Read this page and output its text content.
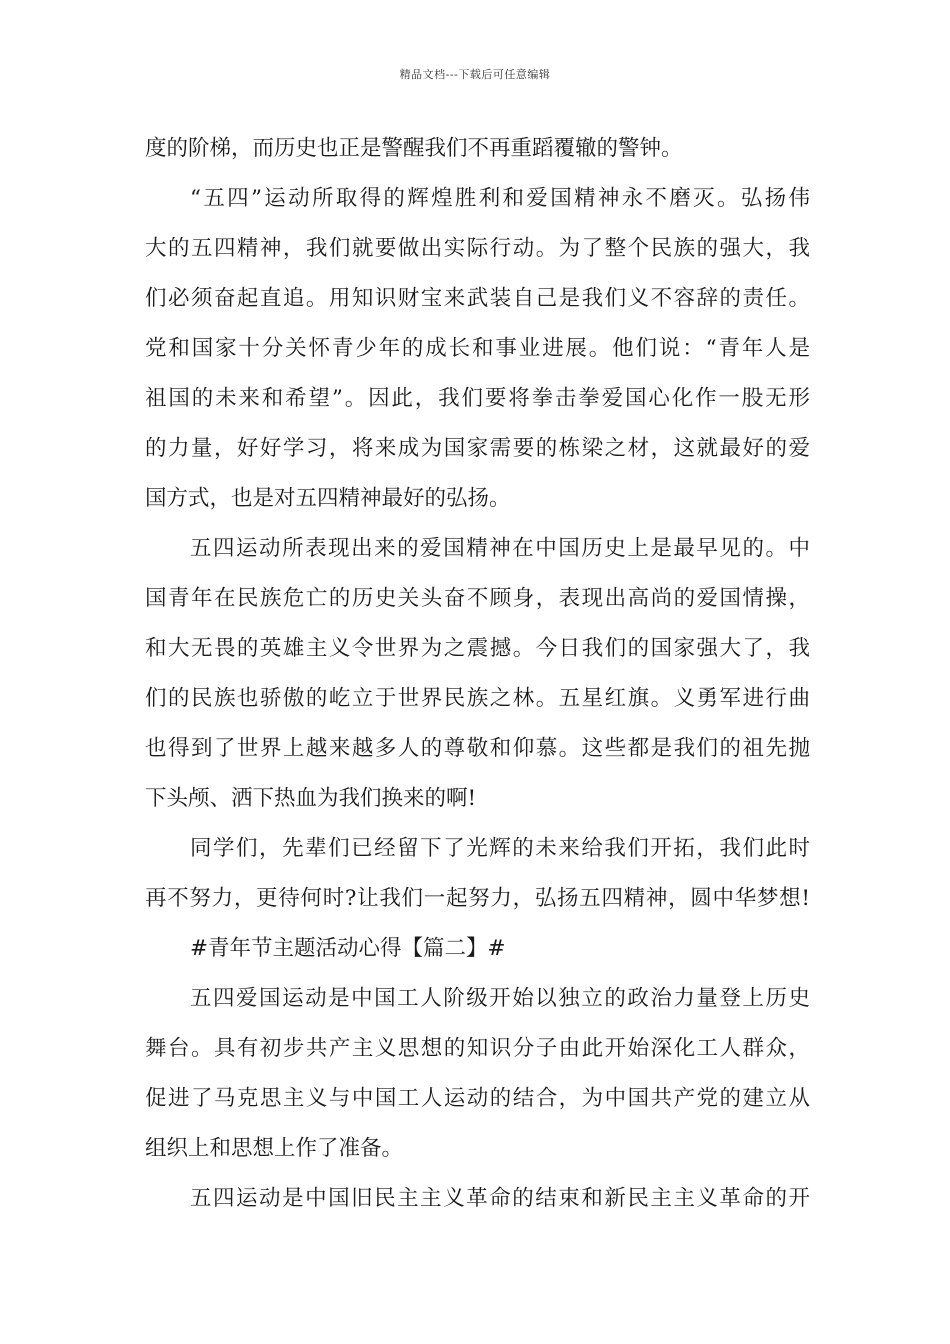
精品文档---下载后可任意编辑
度的阶梯，而历史也正是警醒我们不再重蹈覆辙的警钟。
“五四”运动所取得的辉煌胜利和爱国精神永不磨灭。弘扬伟
大的五四精神，我们就要做出实际行动。为了整个民族的强大，我
们必须奋起直追。用知识财宝来武装自己是我们义不容辞的责任。
党和国家十分关怀青少年的成长和事业进展。他们说：“青年人是
祖国的未来和希望”。因此，我们要将拳击拳爱国心化作一股无形
的力量，好好学习，将来成为国家需要的栋梁之材，这就最好的爱
国方式，也是对五四精神最好的弘扬。
五四运动所表现出来的爱国精神在中国历史上是最早见的。中
国青年在民族危亡的历史关头奋不顾身，表现出高尚的爱国情操，
和大无畏的英雄主义令世界为之震撼。今日我们的国家强大了，我
们的民族也骄傲的屹立于世界民族之林。五星红旗。义勇军进行曲
也得到了世界上越来越多人的尊敬和仰慕。这些都是我们的祖先抛
下头颅、洒下热血为我们换来的啊!
同学们，先辈们已经留下了光辉的未来给我们开拓，我们此时
再不努力，更待何时?让我们一起努力，弘扬五四精神，圆中华梦想!
#青年节主题活动心得【篇二】#
五四爱国运动是中国工人阶级开始以独立的政治力量登上历史
舞台。具有初步共产主义思想的知识分子由此开始深化工人群众，
促进了马克思主义与中国工人运动的结合，为中国共产党的建立从
组织上和思想上作了准备。
五四运动是中国旧民主主义革命的结束和新民主主义革命的开
